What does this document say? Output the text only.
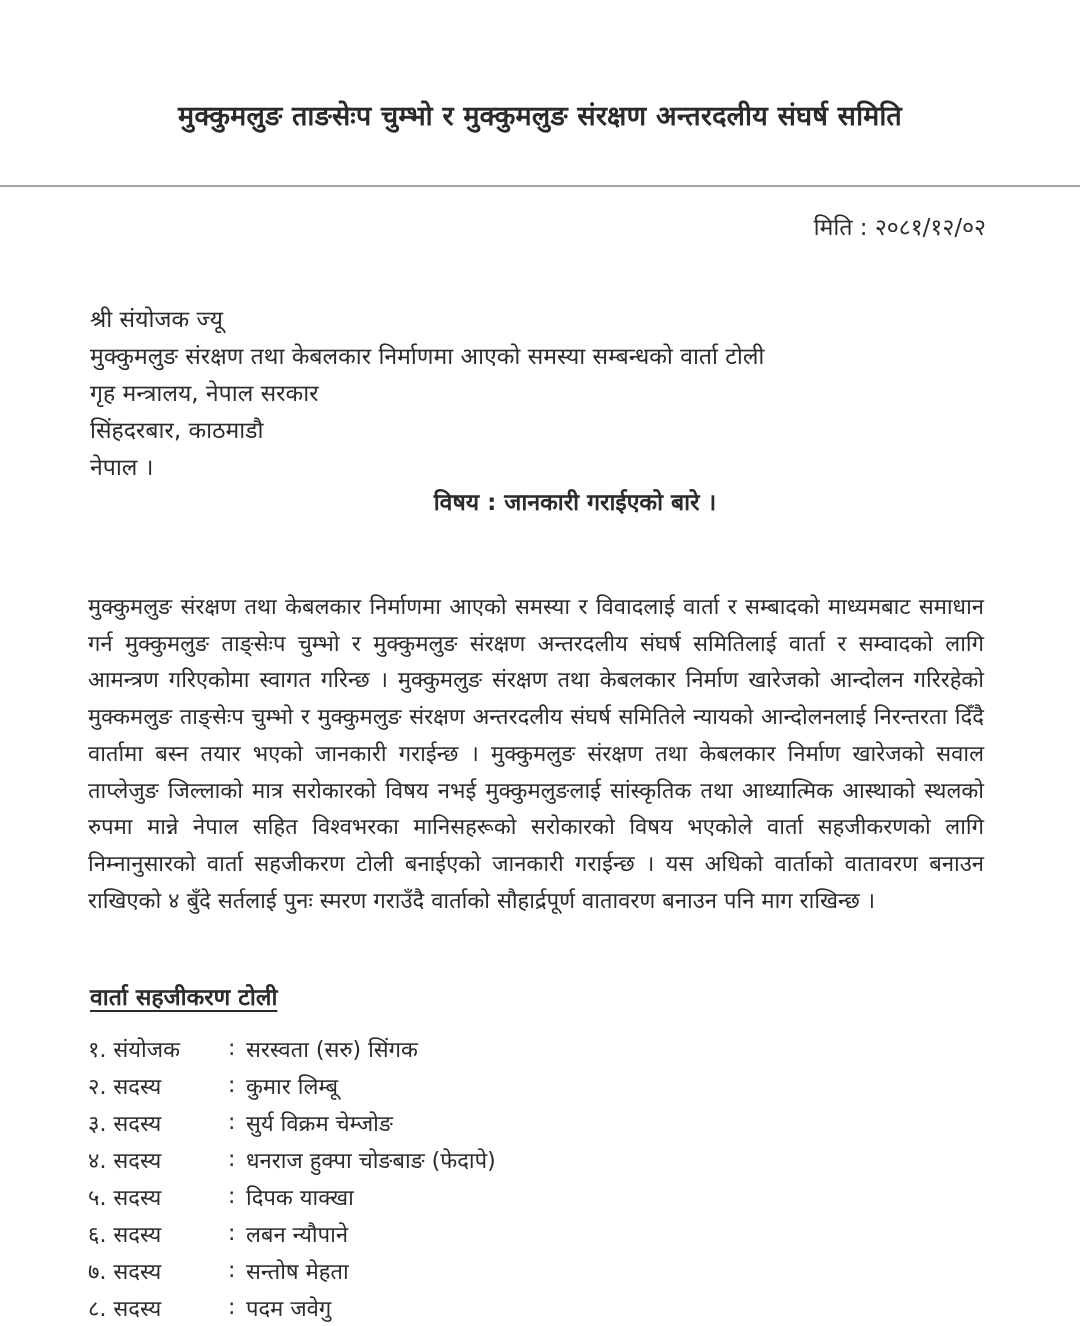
मुक्कुमलुङ ताङसेःप चुम्भो र मुक्कुमलुङ संरक्षण अन्तरदलीय संघर्ष समिति
मिति : २०८१/१२/०२
श्री संयोजक ज्यू
मुक्कुमलुङ संरक्षण तथा केबलकार निर्माणमा आएको समस्या सम्बन्धको वार्ता टोली
गृह मन्त्रालय, नेपाल सरकार
सिंहदरबार, काठमाडौ
नेपाल ।
विषय : जानकारी गराईएको बारे ।
मुक्कुमलुङ संरक्षण तथा केबलकार निर्माणमा आएको समस्या र विवादलाई वार्ता र सम्बादको माध्यमबाट समाधान गर्न मुक्कुमलुङ ताङ्सेःप चुम्भो र मुक्कुमलुङ संरक्षण अन्तरदलीय संघर्ष समितिलाई वार्ता र सम्वादको लागि आमन्त्रण गरिएकोमा स्वागत गरिन्छ । मुक्कुमलुङ संरक्षण तथा केबलकार निर्माण खारेजको आन्दोलन गरिरहेको मुक्कमलुङ ताङ्सेःप चुम्भो र मुक्कुमलुङ संरक्षण अन्तरदलीय संघर्ष समितिले न्यायको आन्दोलनलाई निरन्तरता दिँदै वार्तामा बस्न तयार भएको जानकारी गराईन्छ । मुक्कुमलुङ संरक्षण तथा केबलकार निर्माण खारेजको सवाल ताप्लेजुङ जिल्लाको मात्र सरोकारको विषय नभई मुक्कुमलुङलाई सांस्कृतिक तथा आध्यात्मिक आस्थाको स्थलको रुपमा मान्ने नेपाल सहित विश्वभरका मानिसहरूको सरोकारको विषय भएकोले वार्ता सहजीकरणको लागि निम्नानुसारको वार्ता सहजीकरण टोली बनाईएको जानकारी गराईन्छ । यस अधिको वार्ताको वातावरण बनाउन राखिएको ४ बुँदे सर्तलाई पुनः स्मरण गराउँदै वार्ताको सौहार्द्रपूर्ण वातावरण बनाउन पनि माग राखिन्छ ।
वार्ता सहजीकरण टोली
१. संयोजक	: सरस्वता (सरु) सिंगक
२. सदस्य	: कुमार लिम्बू
३. सदस्य	: सुर्य विक्रम चेम्जोङ
४. सदस्य	: धनराज हुक्पा चोङबाङ (फेदापे)
५. सदस्य	: दिपक याक्खा
६. सदस्य	: लबन न्यौपाने
७. सदस्य	: सन्तोष मेहता
८. सदस्य	: पदम जवेगु
